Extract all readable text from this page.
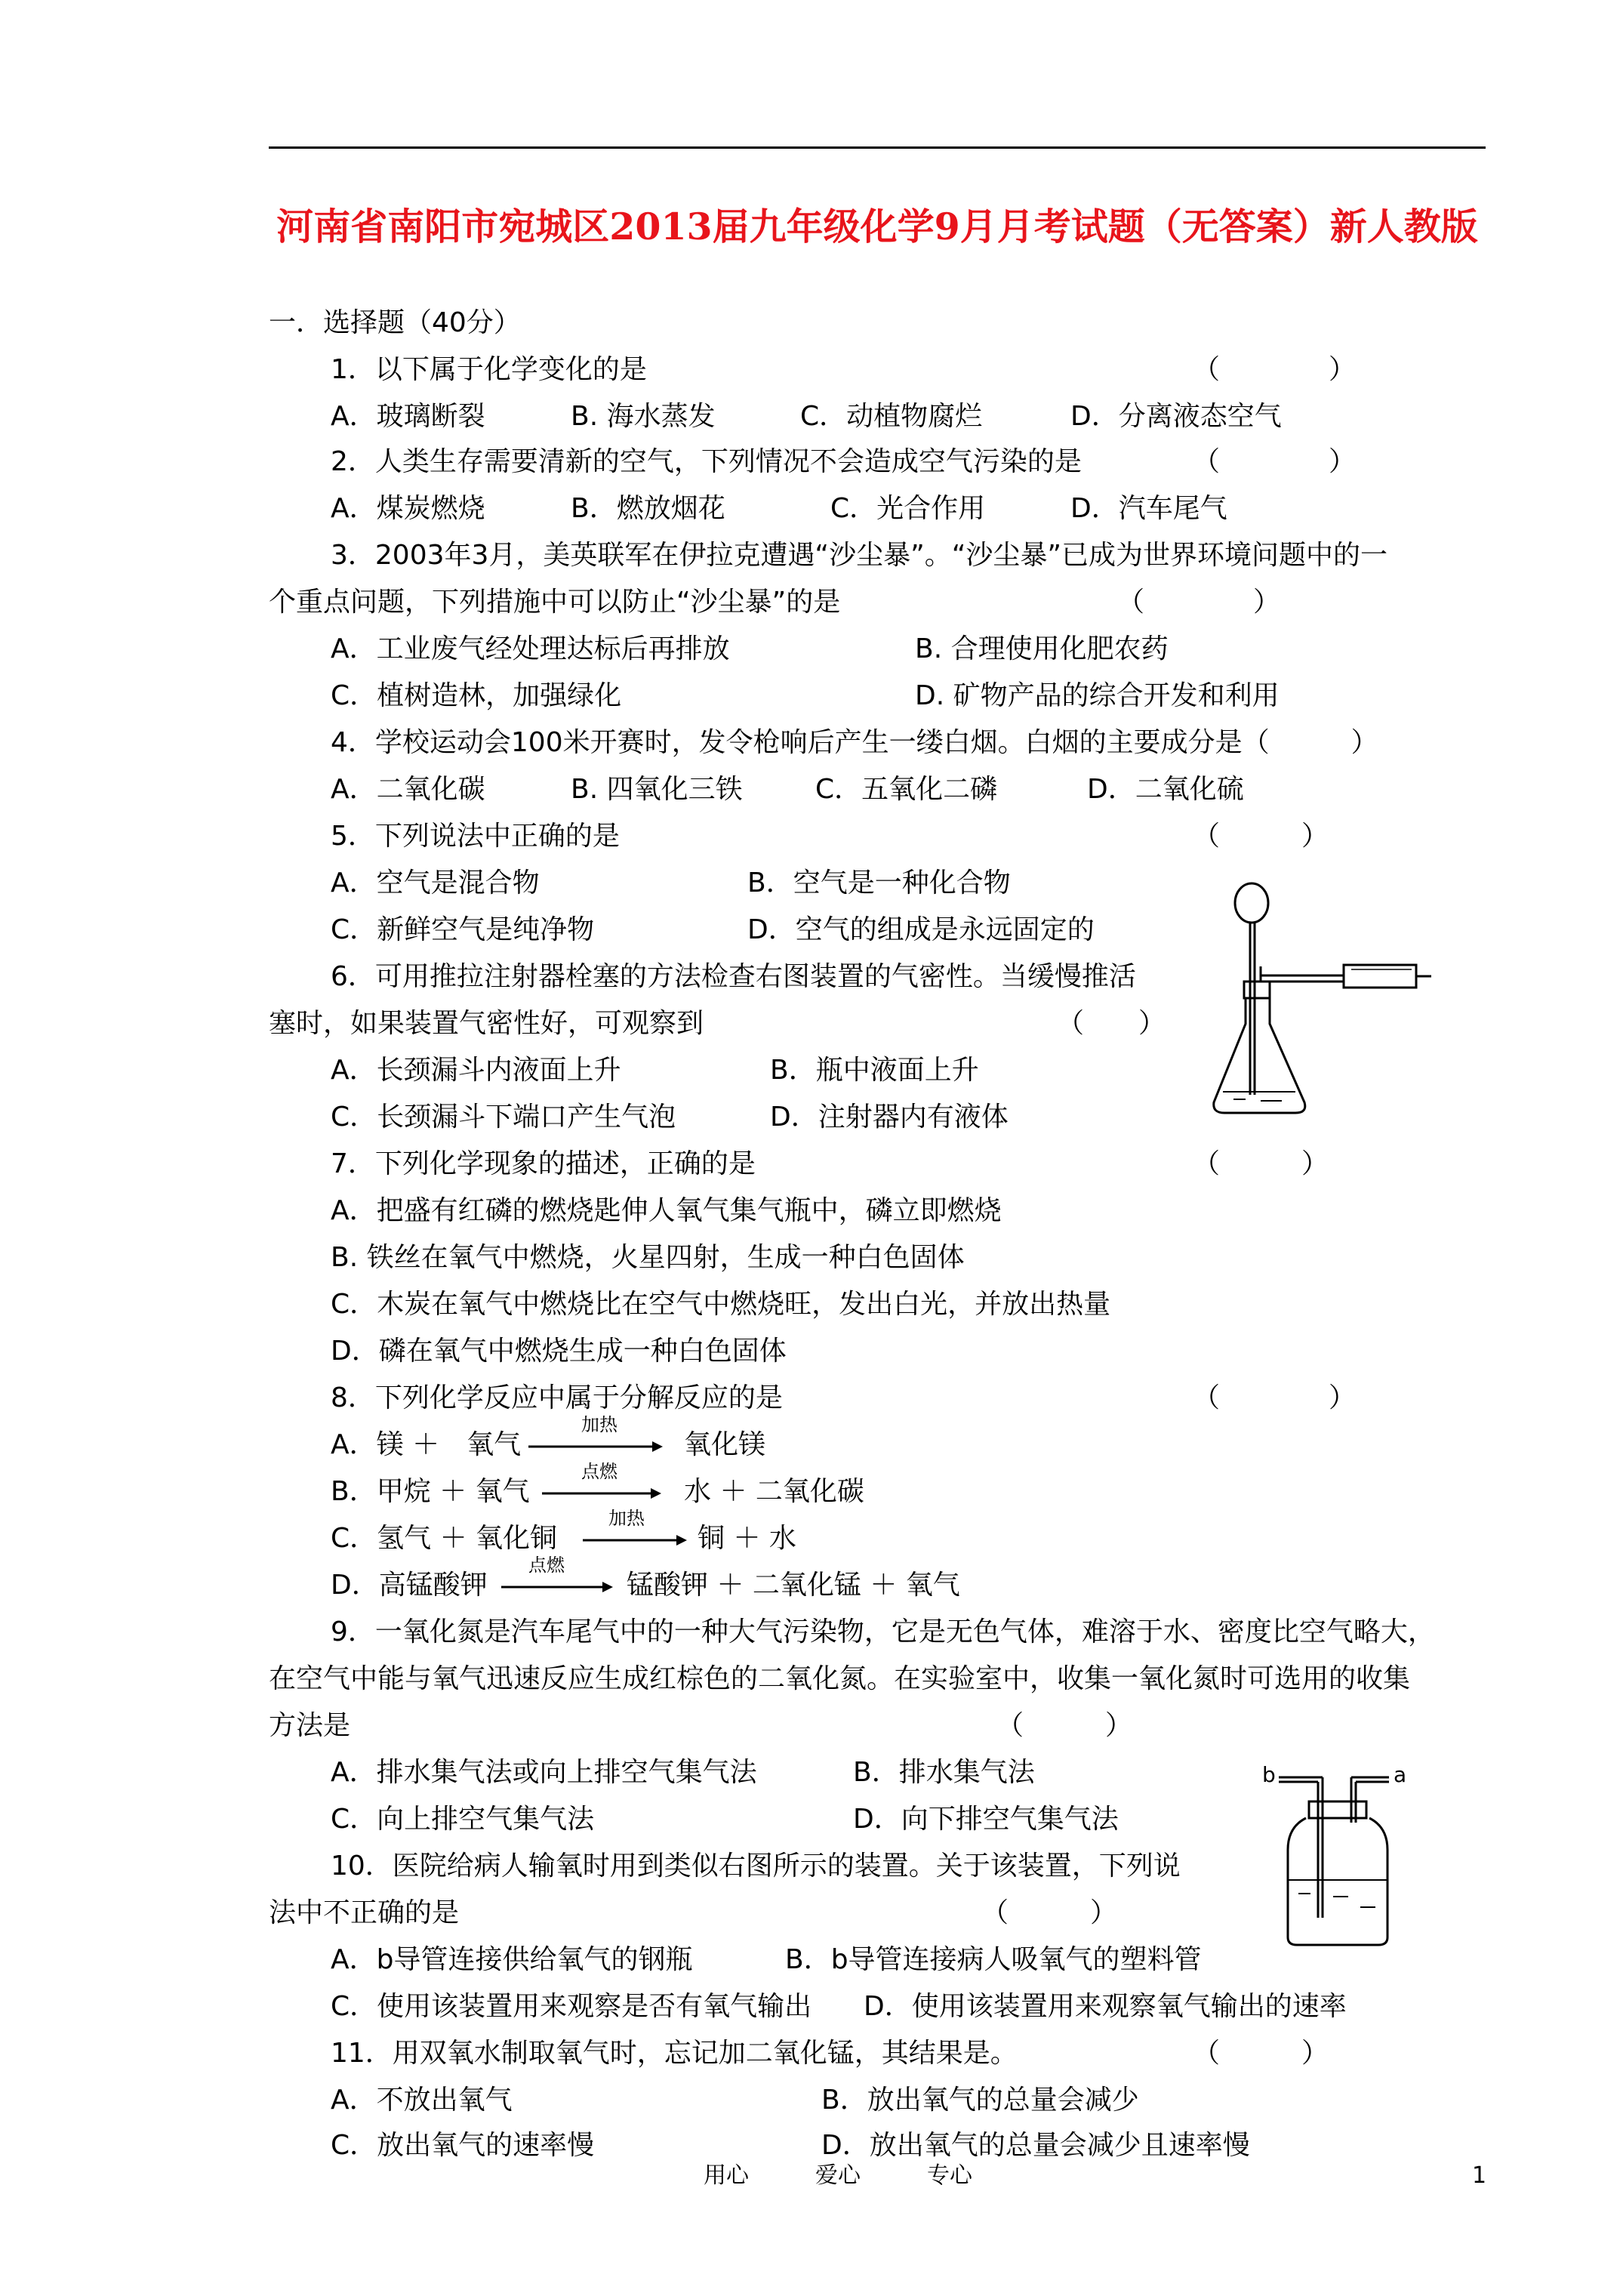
河南省南阳市宛城区2013届九年级化学9月月考试题（无答案）新人教版
一．选择题（40分）
1．以下属于化学变化的是	（　　　　）
A．玻璃断裂	B. 海水蒸发	C．动植物腐烂	D．分离液态空气
2．人类生存需要清新的空气，下列情况不会造成空气污染的是	（　　　　）
A．煤炭燃烧	B．燃放烟花	C．光合作用	D．汽车尾气
3．2003年3月，美英联军在伊拉克遭遇“沙尘暴”。“沙尘暴”已成为世界环境问题中的一
个重点问题，下列措施中可以防止“沙尘暴”的是	（　　　　）
A．工业废气经处理达标后再排放	B. 合理使用化肥农药
C．植树造林，加强绿化	D. 矿物产品的综合开发和利用
4．学校运动会100米开赛时，发令枪响后产生一缕白烟。白烟的主要成分是（　　　）
A．二氧化碳	B. 四氧化三铁	C．五氧化二磷	D．二氧化硫
5．下列说法中正确的是	（　　　）
A．空气是混合物	B．空气是一种化合物
C．新鲜空气是纯净物	D．空气的组成是永远固定的
6．可用推拉注射器栓塞的方法检查右图装置的气密性。当缓慢推活
塞时，如果装置气密性好，可观察到	（　　）
A．长颈漏斗内液面上升	B．瓶中液面上升
C．长颈漏斗下端口产生气泡	D．注射器内有液体
7．下列化学现象的描述，正确的是	（　　　）
A．把盛有红磷的燃烧匙伸人氧气集气瓶中，磷立即燃烧
B. 铁丝在氧气中燃烧，火星四射，生成一种白色固体
C．木炭在氧气中燃烧比在空气中燃烧旺，发出白光，并放出热量
D．磷在氧气中燃烧生成一种白色固体
8．下列化学反应中属于分解反应的是	（　　　　）
A．镁 ＋　氧气
加热
氧化镁
B．甲烷 ＋ 氧气
点燃
水 ＋ 二氧化碳
C．氢气 ＋ 氧化铜
加热
铜 ＋ 水
D．高锰酸钾
点燃
锰酸钾 ＋ 二氧化锰 ＋ 氧气
9．一氧化氮是汽车尾气中的一种大气污染物，它是无色气体，难溶于水、密度比空气略大，
在空气中能与氧气迅速反应生成红棕色的二氧化氮。在实验室中，收集一氧化氮时可选用的收集
方法是	（　　　）
A．排水集气法或向上排空气集气法	B．排水集气法
C．向上排空气集气法	D．向下排空气集气法
b	a
10．医院给病人输氧时用到类似右图所示的装置。关于该装置，下列说
法中不正确的是	（　　　）
A．b导管连接供给氧气的钢瓶	B．b导管连接病人吸氧气的塑料管
C．使用该装置用来观察是否有氧气输出 D．使用该装置用来观察氧气输出的速率
11．用双氧水制取氧气时，忘记加二氧化锰，其结果是。	（　　　）
A．不放出氧气	B．放出氧气的总量会减少
C．放出氧气的速率慢	D．放出氧气的总量会减少且速率慢
用心	爱心	专心	1
